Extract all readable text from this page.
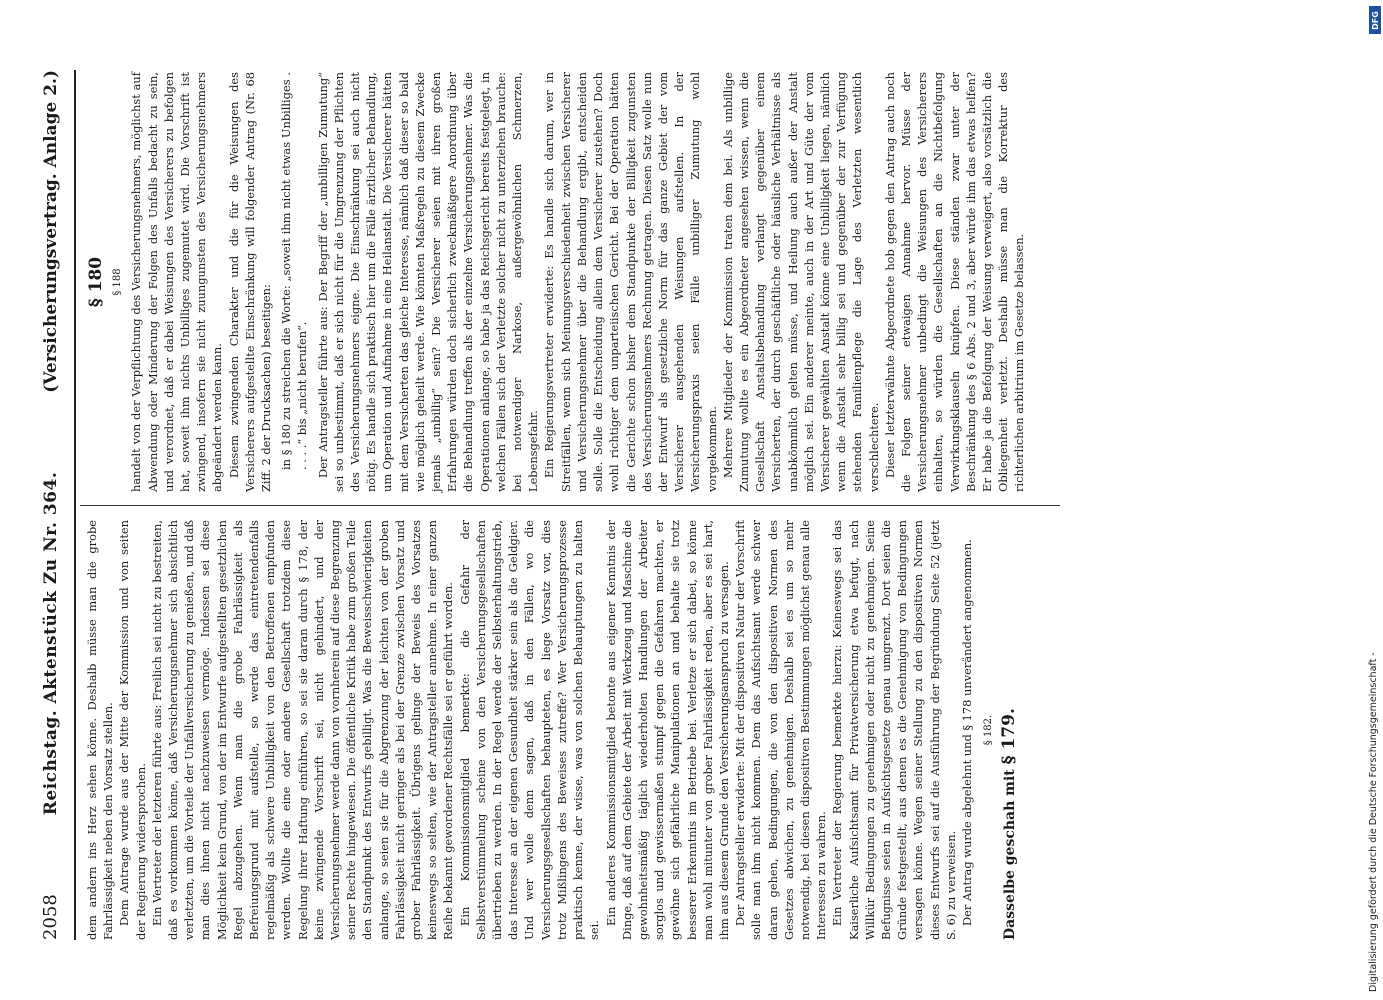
2058
Reichstag. Aktenstück Zu Nr. 364.
(Versicherungsvertrag. Anlage 2.)

dem andern ins Herz sehen könne. Deshalb müsse man die grobe Fahrlässigkeit neben den Vorsatz stellen. Dem Antrage wurde aus der Mitte der Kommission und von seiten der Regierung widersprochen. Ein Vertreter der letzteren führte aus: Freilich sei nicht zu bestreiten, daß es vorkommen könne, daß Versicherungsnehmer sich absichtlich verletzten, um die Vorteile der Unfallversicherung zu genießen, und daß man dies ihnen nicht nachzuweisen vermöge. Indessen sei diese Möglichkeit kein Grund, von der im Entwurfe aufgestellten gesetzlichen Regel abzugehen. Wenn man die grobe Fahrlässigkeit als Befreiungsgrund mit aufstelle, so werde das eintretendenfalls regelmäßig als schwere Unbilligkeit von den Betroffenen empfunden werden. Wollte die eine oder andere Gesellschaft trotzdem diese Regelung ihrer Haftung einführen, so sei sie daran durch § 178, der keine zwingende Vorschrift sei, nicht gehindert, und der Versicherungsnehmer werde dann von vornherein auf diese Begrenzung seiner Rechte hingewiesen. Die öffentliche Kritik habe zum großen Teile den Standpunkt des Entwurfs gebilligt. Was die Beweisschwierigkeiten anlange, so seien sie für die Abgrenzung der leichten von der groben Fahrlässigkeit nicht geringer als bei der Grenze zwischen Vorsatz und grober Fahrlässigkeit. Übrigens gelinge der Beweis des Vorsatzes keineswegs so selten, wie der Antragsteller annehme. In einer ganzen Reihe bekannt gewordener Rechtsfälle sei er geführt worden. Ein Kommissionsmitglied bemerkte: die Gefahr der Selbstverstümmelung scheine von den Versicherungsgesellschaften übertrieben zu werden. In der Regel werde der Selbsterhaltungstrieb, das Interesse an der eigenen Gesundheit stärker sein als die Geldgier. Und wer wolle denn sagen, daß in den Fällen, wo die Versicherungsgesellschaften behaupteten, es liege Vorsatz vor, dies trotz Mißlingens des Beweises zutreffe? Wer Versicherungsprozesse praktisch kenne, der wisse, was von solchen Behauptungen zu halten sei.

Ein anderes Kommissionsmitglied betonte aus eigener Kenntnis der Dinge, daß auf dem Gebiete der Arbeit mit Werkzeug und Maschine die gewohnheitsmäßig täglich wiederholten Handlungen der Arbeiter sorglos und gewissermaßen stumpf gegen die Gefahren machten, er gewöhne sich gefährliche Manipulationen an und behalte sie trotz besserer Erkenntnis im Betriebe bei. Verletze er sich dabei, so könne man wohl mitunter von grober Fahrlässigkeit reden, aber es sei hart, ihm aus diesem Grunde den Versicherungsanspruch zu versagen. Der Antragsteller erwiderte: Mit der dispositiven Natur der Vorschrift solle man ihm nicht kommen. Dem das Aufsichtsamt werde schwer daran gehen, Bedingungen, die von den dispositiven Normen des Gesetzes abwichen, zu genehmigen. Deshalb sei es um so mehr notwendig, bei diesen dispositiven Bestimmungen möglichst genau alle Interessen zu wahren. Ein Vertreter der Regierung bemerkte hierzu: Keineswegs sei das Kaiserliche Aufsichtsamt für Privatversicherung etwa befugt, nach Willkür Bedingungen zu genehmigen oder nicht zu genehmigen. Seine Befugnisse seien in Aufsichtsgesetze genau umgrenzt. Dort seien die Gründe festgestellt, aus denen es die Genehmigung von Bedingungen versagen könne. Wegen seiner Stellung zu den dispositiven Normen dieses Entwurfs sei auf die Ausführung der Begründung Seite 52 (jetzt S. 6) zu verweisen. Der Antrag wurde abgelehnt und § 178 unverändert angenommen. § 182.

Dasselbe geschah mit § 179.

§ 180 § 188 handelt von der Verpflichtung des Versicherungsnehmers, möglichst auf Abwendung oder Minderung der Folgen des Unfalls bedacht zu sein, und verordnet, daß er dabei Weisungen des Versicherers zu befolgen hat, soweit ihm nichts Unbilliges zugemutet wird. Die Vorschrift ist zwingend, insofern sie nicht zuungunsten des Versicherungsnehmers abgeändert werden kann. Diesem zwingenden Charakter und die für die Weisungen des Versicherers aufgestellte Einschränkung will folgender Antrag (Nr. 68 Ziff. 2 der Drucksachen) beseitigen: in § 180 zu streichen die Worte: „soweit ihm nicht etwas Unbilliges . . . . .“ bis „nicht berufen“. Der Antragsteller führte aus: Der Begriff der „unbilligen Zumutung“ sei so unbestimmt, daß er sich nicht für die Umgrenzung der Pflichten des Versicherungsnehmers eigne. Die Einschränkung sei auch nicht nötig. Es handle sich praktisch hier um die Fälle ärztlicher Behandlung, um Operation und Aufnahme in eine Heilanstalt. Die Versicherer hätten mit dem Versicherten das gleiche Interesse, nämlich daß dieser so bald wie möglich geheilt werde. Wie könnten Maßregeln zu diesem Zwecke jemals „unbillig“ sein? Die Versicherer seien mit ihren großen Erfahrungen würden doch sicherlich zweckmäßigere Anordnung über die Behandlung treffen als der einzelne Versicherungsnehmer. Was die Operationen anlange, so habe ja das Reichsgericht bereits festgelegt, in welchen Fällen sich der Verletzte solcher nicht zu unterziehen brauche: bei notwendiger Narkose, außergewöhnlichen Schmerzen, Lebensgefahr. Ein Regierungsvertreter erwiderte: Es handle sich darum, wer in Streitfällen, wenn sich Meinungsverschiedenheit zwischen Versicherer und Versicherungsnehmer über die Behandlung ergibt, entscheiden solle. Solle die Entscheidung allein dem Versicherer zustehen? Doch wohl richtiger dem unparteiischen Gericht. Bei der Operation hätten die Gerichte schon bisher dem Standpunkte der Billigkeit zugunsten des Versicherungsnehmers Rechnung getragen. Diesen Satz wolle nun der Entwurf als gesetzliche Norm für das ganze Gebiet der vom Versicherer ausgehenden Weisungen aufstellen. In der Versicherungspraxis seien Fälle unbilliger Zumutung wohl vorgekommen. Mehrere Mitglieder der Kommission traten dem bei. Als unbillige Zumutung wollte es ein Abgeordneter angesehen wissen, wenn die Gesellschaft Anstaltsbehandlung verlangt gegenüber einem Versicherten, der durch geschäftliche oder häusliche Verhältnisse als unabkömmlich gelten müsse, und Heilung auch außer der Anstalt möglich sei. Ein anderer meinte, auch in der Art und Güte der vom Versicherer gewählten Anstalt könne eine Unbilligkeit liegen, nämlich wenn die Anstalt sehr billig sei und gegenüber der zur Verfügung stehenden Familienpflege die Lage des Verletzten wesentlich verschlechtere. Dieser letzterwähnte Abgeordnete hob gegen den Antrag auch noch die Folgen seiner etwaigen Annahme hervor. Müsse der Versicherungsnehmer unbedingt die Weisungen des Versicherers einhalten, so würden die Gesellschaften an die Nichtbefolgung Verwirkungsklauseln knüpfen. Diese ständen zwar unter der Beschränkung des § 6 Abs. 2 und 3, aber würde ihm das etwas helfen? Er habe ja die Befolgung der Weisung verweigert, also vorsätzlich die Obliegenheit verletzt. Deshalb müsse man die Korrektur des richterlichen arbitrium im Gesetze belassen.

Digitalisierung gefördert durch die Deutsche Forschungsgemeinschaft -
DFG
